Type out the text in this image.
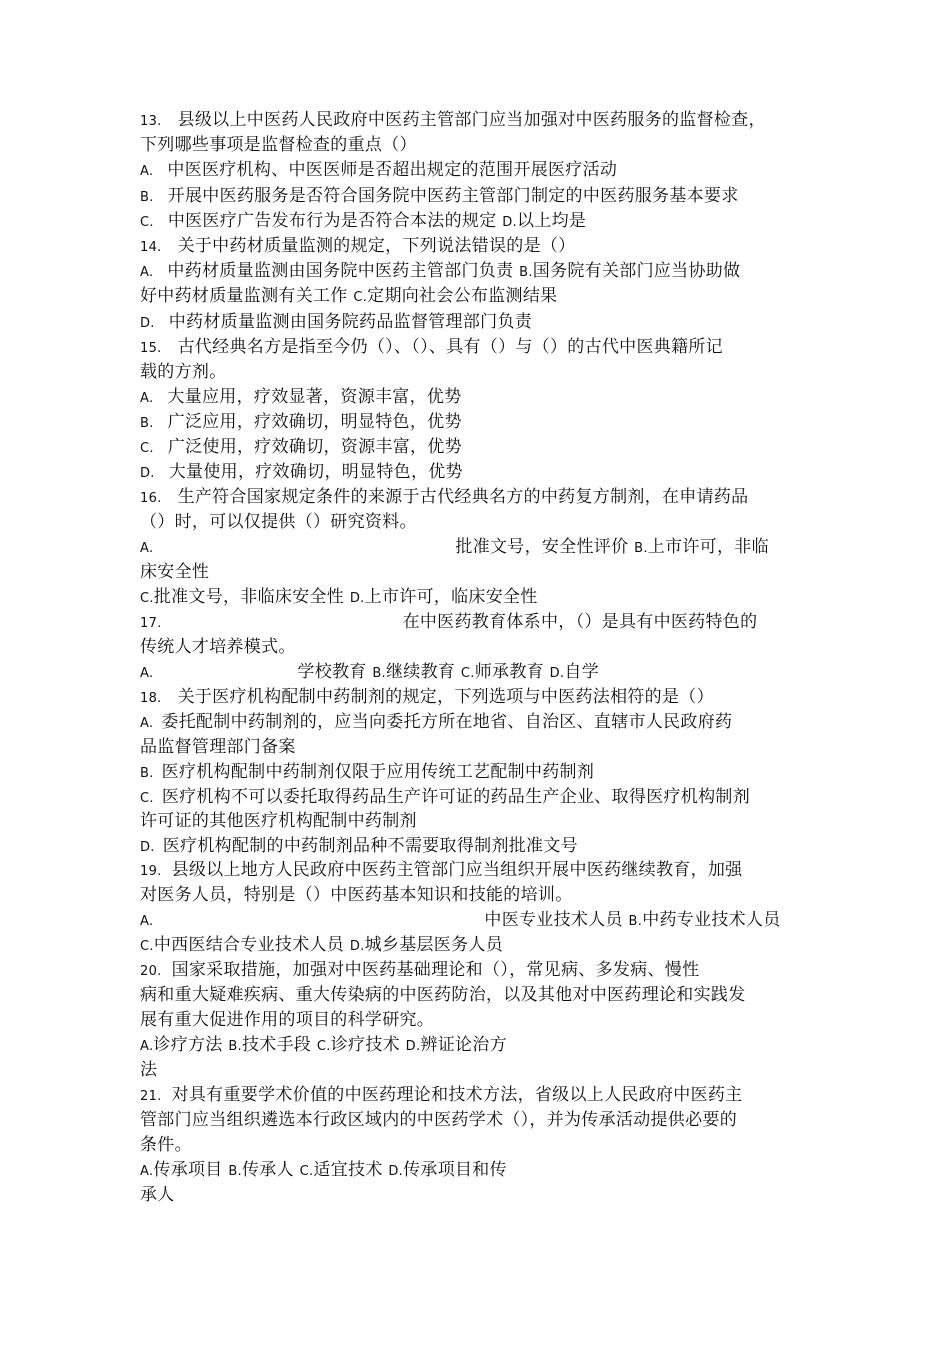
13. 县级以上中医药人民政府中医药主管部门应当加强对中医药服务的监督检查，
下列哪些事项是监督检查的重点（）
A. 中医医疗机构、中医医师是否超出规定的范围开展医疗活动
B. 开展中医药服务是否符合国务院中医药主管部门制定的中医药服务基本要求
C. 中医医疗广告发布行为是否符合本法的规定 D.以上均是
14. 关于中药材质量监测的规定，下列说法错误的是（）
A. 中药材质量监测由国务院中医药主管部门负责 B.国务院有关部门应当协助做
好中药材质量监测有关工作 C.定期向社会公布监测结果
D. 中药材质量监测由国务院药品监督管理部门负责
15. 古代经典名方是指至今仍（）、（）、具有（）与（）的古代中医典籍所记
载的方剂。
A. 大量应用，疗效显著，资源丰富，优势
B. 广泛应用，疗效确切，明显特色，优势
C. 广泛使用，疗效确切，资源丰富，优势
D. 大量使用，疗效确切，明显特色，优势
16. 生产符合国家规定条件的来源于古代经典名方的中药复方制剂，在申请药品
（）时，可以仅提供（）研究资料。
A.	批准文号，安全性评价 B.上市许可，非临
床安全性
C.批准文号，非临床安全性 D.上市许可，临床安全性
17.	在中医药教育体系中，（）是具有中医药特色的
传统人才培养模式。
A.	学校教育 B.继续教育 C.师承教育 D.自学
18. 关于医疗机构配制中药制剂的规定，下列选项与中医药法相符的是（）
A. 委托配制中药制剂的，应当向委托方所在地省、自治区、直辖市人民政府药
品监督管理部门备案
B. 医疗机构配制中药制剂仅限于应用传统工艺配制中药制剂
C. 医疗机构不可以委托取得药品生产许可证的药品生产企业、取得医疗机构制剂
许可证的其他医疗机构配制中药制剂
D. 医疗机构配制的中药制剂品种不需要取得制剂批准文号
19. 县级以上地方人民政府中医药主管部门应当组织开展中医药继续教育，加强
对医务人员，特别是（）中医药基本知识和技能的培训。
A.	中医专业技术人员 B.中药专业技术人员
C.中西医结合专业技术人员 D.城乡基层医务人员
20. 国家采取措施，加强对中医药基础理论和（），常见病、多发病、慢性
病和重大疑难疾病、重大传染病的中医药防治，以及其他对中医药理论和实践发
展有重大促进作用的项目的科学研究。
A.诊疗方法 B.技术手段 C.诊疗技术 D.辨证论治方
法
21. 对具有重要学术价值的中医药理论和技术方法，省级以上人民政府中医药主
管部门应当组织遴选本行政区域内的中医药学术（），并为传承活动提供必要的
条件。
A.传承项目 B.传承人 C.适宜技术 D.传承项目和传
承人
